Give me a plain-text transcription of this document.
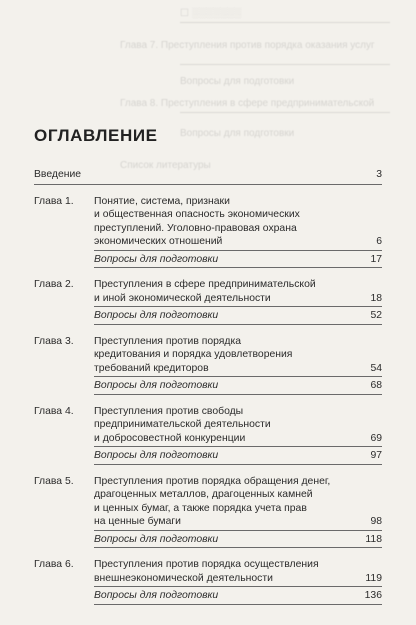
☐ ░░░░░░░
Глава 7. Преступления против порядка оказания услуг
Вопросы для подготовки
Глава 8. Преступления в сфере предпринимательской
Вопросы для подготовки
Список литературы
ОГЛАВЛЕНИЕ
Введение	3
Глава 1.	Понятие, система, признаки
и общественная опасность экономических
преступлений. Уголовно-правовая охрана
экономических отношений	6
Вопросы для подготовки	17
Глава 2.	Преступления в сфере предпринимательской
и иной экономической деятельности	18
Вопросы для подготовки	52
Глава 3.	Преступления против порядка
кредитования и порядка удовлетворения
требований кредиторов	54
Вопросы для подготовки	68
Глава 4.	Преступления против свободы
предпринимательской деятельности
и добросовестной конкуренции	69
Вопросы для подготовки	97
Глава 5.	Преступления против порядка обращения денег,
драгоценных металлов, драгоценных камней
и ценных бумаг, а также порядка учета прав
на ценные бумаги	98
Вопросы для подготовки	118
Глава 6.	Преступления против порядка осуществления
внешнеэкономической деятельности	119
Вопросы для подготовки	136
